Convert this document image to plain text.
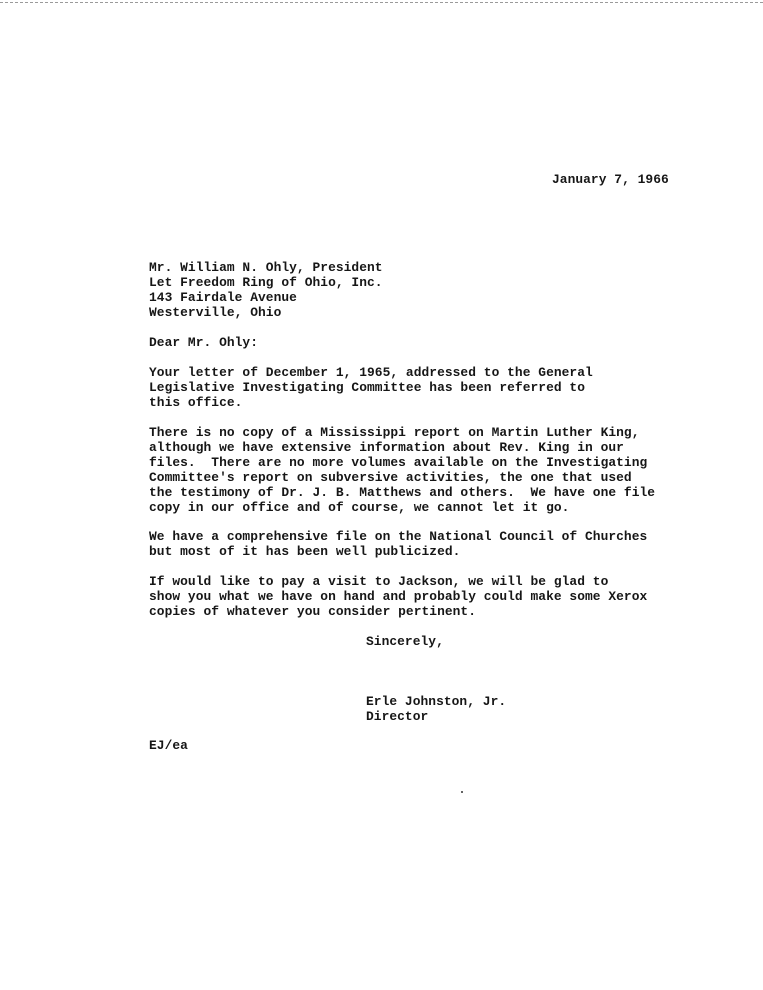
January 7, 1966
Mr. William N. Ohly, President
Let Freedom Ring of Ohio, Inc.
143 Fairdale Avenue
Westerville, Ohio
Dear Mr. Ohly:
Your letter of December 1, 1965, addressed to the General
Legislative Investigating Committee has been referred to
this office.
There is no copy of a Mississippi report on Martin Luther King,
although we have extensive information about Rev. King in our
files.  There are no more volumes available on the Investigating
Committee's report on subversive activities, the one that used
the testimony of Dr. J. B. Matthews and others.  We have one file
copy in our office and of course, we cannot let it go.
We have a comprehensive file on the National Council of Churches
but most of it has been well publicized.
If would like to pay a visit to Jackson, we will be glad to
show you what we have on hand and probably could make some Xerox
copies of whatever you consider pertinent.
Sincerely,
Erle Johnston, Jr.
Director
EJ/ea
